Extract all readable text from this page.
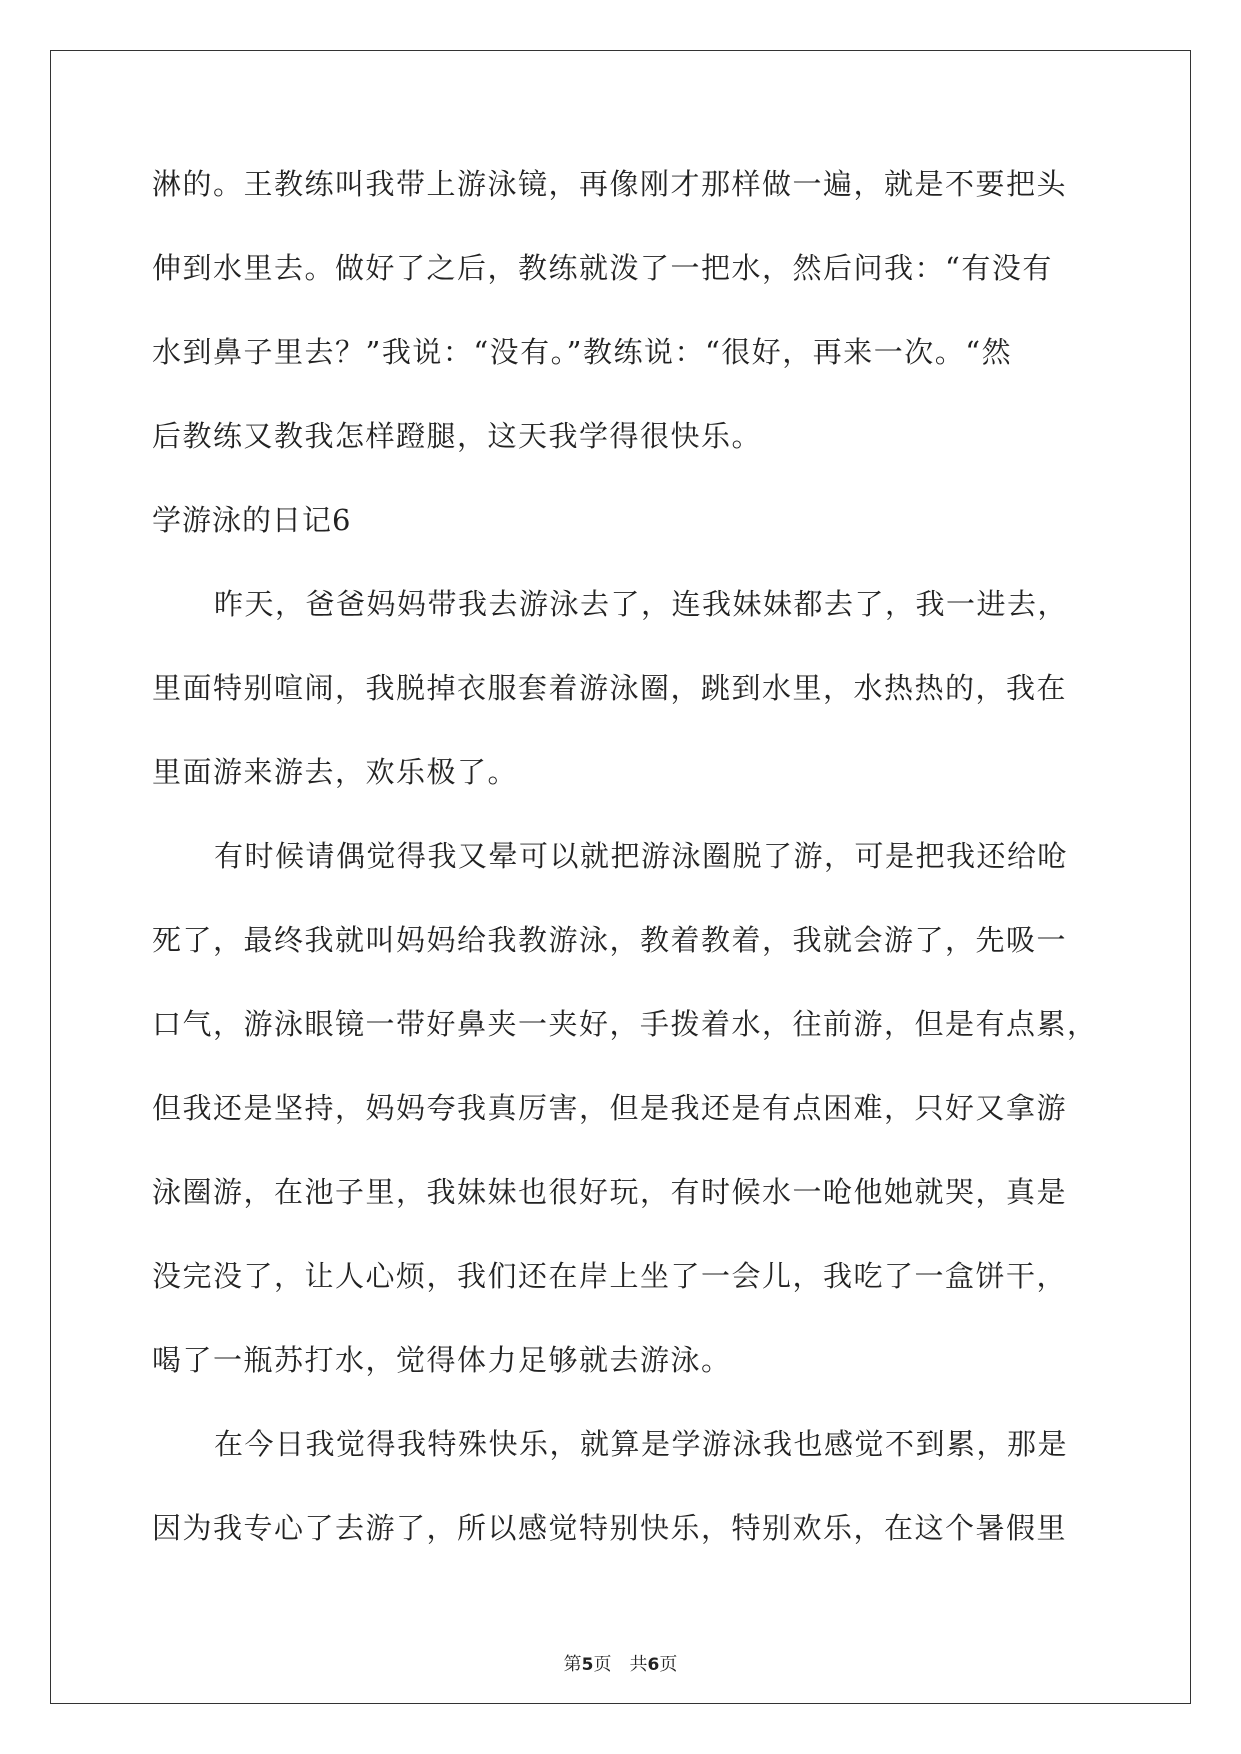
淋的。王教练叫我带上游泳镜，再像刚才那样做一遍，就是不要把头
伸到水里去。做好了之后，教练就泼了一把水，然后问我：“有没有
水到鼻子里去？”我说：“没有。”教练说：“很好，再来一次。“然
后教练又教我怎样蹬腿，这天我学得很快乐。
学游泳的日记6
昨天，爸爸妈妈带我去游泳去了，连我妹妹都去了，我一进去，
里面特别喧闹，我脱掉衣服套着游泳圈，跳到水里，水热热的，我在
里面游来游去，欢乐极了。
有时候请偶觉得我又晕可以就把游泳圈脱了游，可是把我还给呛
死了，最终我就叫妈妈给我教游泳，教着教着，我就会游了，先吸一
口气，游泳眼镜一带好鼻夹一夹好，手拨着水，往前游，但是有点累，
但我还是坚持，妈妈夸我真厉害，但是我还是有点困难，只好又拿游
泳圈游，在池子里，我妹妹也很好玩，有时候水一呛他她就哭，真是
没完没了，让人心烦，我们还在岸上坐了一会儿，我吃了一盒饼干，
喝了一瓶苏打水，觉得体力足够就去游泳。
在今日我觉得我特殊快乐，就算是学游泳我也感觉不到累，那是
因为我专心了去游了，所以感觉特别快乐，特别欢乐，在这个暑假里
第5页 共6页
